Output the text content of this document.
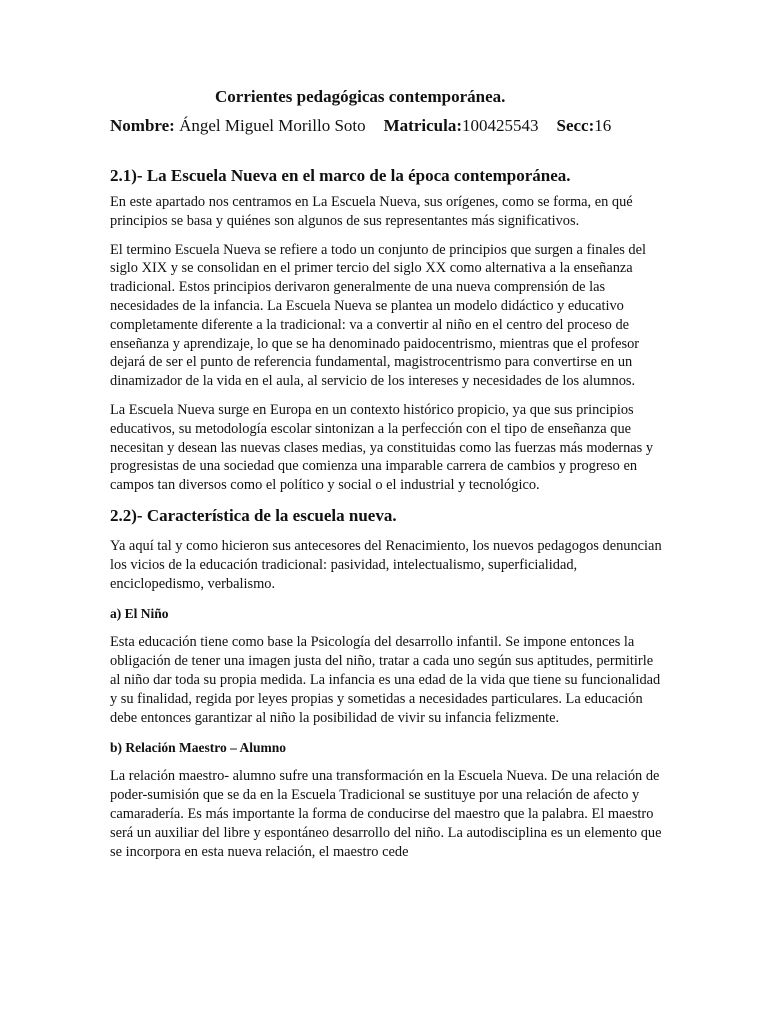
Corrientes pedagógicas contemporánea.
Nombre: Ángel Miguel Morillo Soto Matricula:100425543 Secc:16
2.1)- La Escuela Nueva en el marco de la época contemporánea.

En este apartado nos centramos en La Escuela Nueva, sus orígenes, como se forma, en qué principios se basa y quiénes son algunos de sus representantes más significativos.

El termino Escuela Nueva se refiere a todo un conjunto de principios que surgen a finales del siglo XIX y se consolidan en el primer tercio del siglo XX como alternativa a la enseñanza tradicional. Estos principios derivaron generalmente de una nueva comprensión de las necesidades de la infancia. La Escuela Nueva se plantea un modelo didáctico y educativo completamente diferente a la tradicional: va a convertir al niño en el centro del proceso de enseñanza y aprendizaje, lo que se ha denominado paidocentrismo, mientras que el profesor dejará de ser el punto de referencia fundamental, magistrocentrismo para convertirse en un dinamizador de la vida en el aula, al servicio de los intereses y necesidades de los alumnos.

La Escuela Nueva surge en Europa en un contexto histórico propicio, ya que sus principios educativos, su metodología escolar sintonizan a la perfección con el tipo de enseñanza que necesitan y desean las nuevas clases medias, ya constituidas como las fuerzas más modernas y progresistas de una sociedad que comienza una imparable carrera de cambios y progreso en campos tan diversos como el político y social o el industrial y tecnológico.

2.2)- Característica de la escuela nueva.

Ya aquí tal y como hicieron sus antecesores del Renacimiento, los nuevos pedagogos denuncian los vicios de la educación tradicional: pasividad, intelectualismo, superficialidad, enciclopedismo, verbalismo.

a) El Niño

Esta educación tiene como base la Psicología del desarrollo infantil. Se impone entonces la obligación de tener una imagen justa del niño, tratar a cada uno según sus aptitudes, permitirle al niño dar toda su propia medida. La infancia es una edad de la vida que tiene su funcionalidad y su finalidad, regida por leyes propias y sometidas a necesidades particulares. La educación debe entonces garantizar al niño la posibilidad de vivir su infancia felizmente.

b) Relación Maestro – Alumno

La relación maestro- alumno sufre una transformación en la Escuela Nueva. De una relación de poder-sumisión que se da en la Escuela Tradicional se sustituye por una relación de afecto y camaradería. Es más importante la forma de conducirse del maestro que la palabra. El maestro será un auxiliar del libre y espontáneo desarrollo del niño. La autodisciplina es un elemento que se incorpora en esta nueva relación, el maestro cede
